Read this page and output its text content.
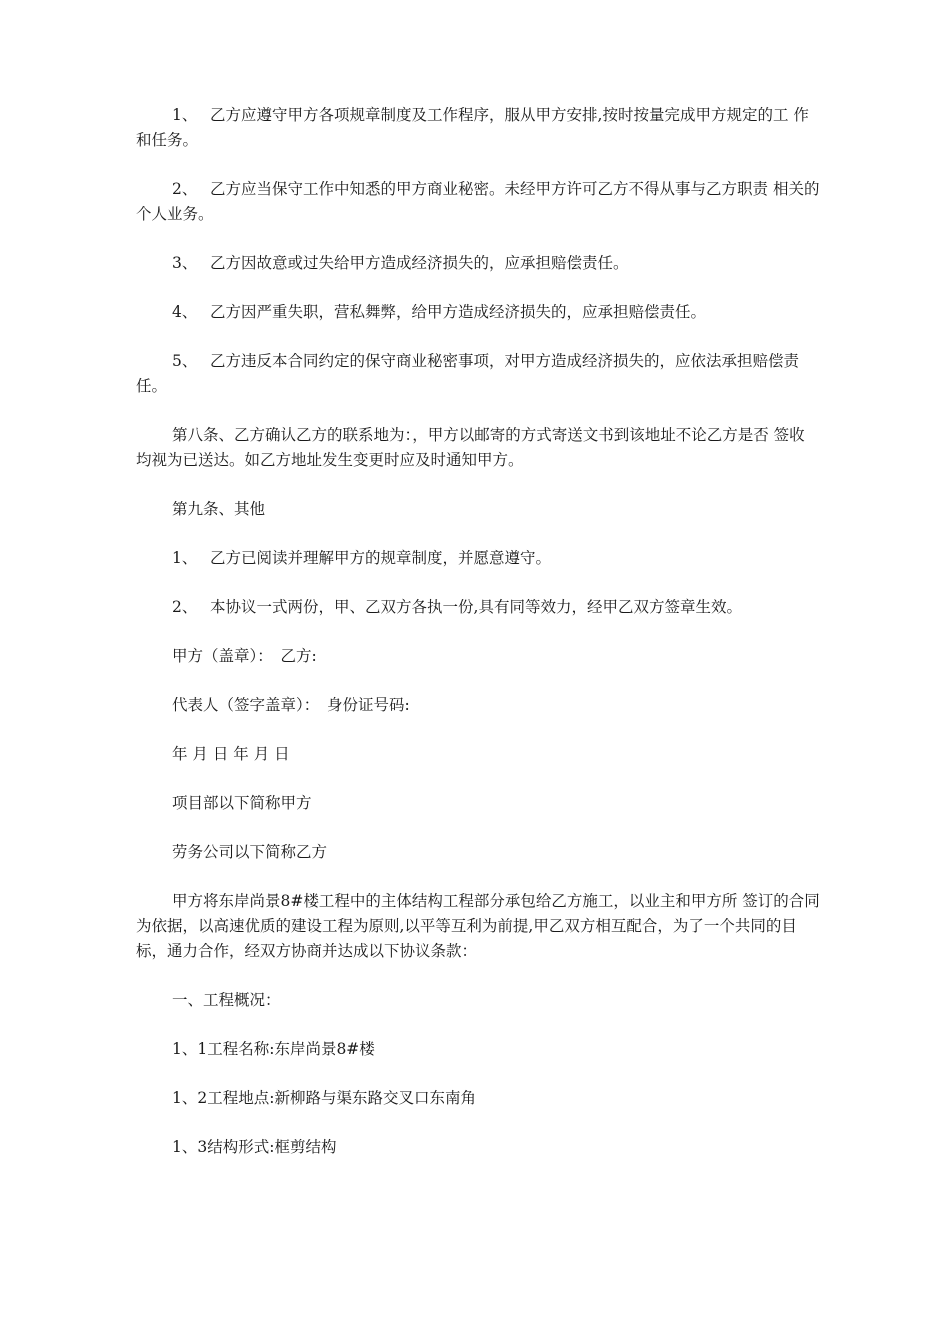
1、　 乙方应遵守甲方各项规章制度及工作程序，服从甲方安排,按时按量完成甲方规定的工 作和任务。

2、　 乙方应当保守工作中知悉的甲方商业秘密。未经甲方许可乙方不得从事与乙方职责 相关的个人业务。

3、　 乙方因故意或过失给甲方造成经济损失的，应承担赔偿责任。

4、　 乙方因严重失职，营私舞弊，给甲方造成经济损失的，应承担赔偿责任。

5、　 乙方违反本合同约定的保守商业秘密事项，对甲方造成经济损失的，应依法承担赔偿责 任。

第八条、乙方确认乙方的联系地为：，甲方以邮寄的方式寄送文书到该地址不论乙方是否 签收均视为已送达。如乙方地址发生变更时应及时通知甲方。

第九条、其他

1、　 乙方已阅读并理解甲方的规章制度，并愿意遵守。

2、　 本协议一式两份，甲、乙双方各执一份,具有同等效力，经甲乙双方签章生效。

甲方（盖章）：　乙方:

代表人（签字盖章）：　身份证号码:

年 月 日 年 月 日

项目部以下简称甲方

劳务公司以下简称乙方

甲方将东岸尚景8#楼工程中的主体结构工程部分承包给乙方施工，以业主和甲方所 签订的合同为依据，以高速优质的建设工程为原则,以平等互利为前提,甲乙双方相互配合，为了一个共同的目标，通力合作，经双方协商并达成以下协议条款：

一、工程概况：

1、1工程名称:东岸尚景8#楼

1、2工程地点:新柳路与渠东路交叉口东南角

1、3结构形式:框剪结构
